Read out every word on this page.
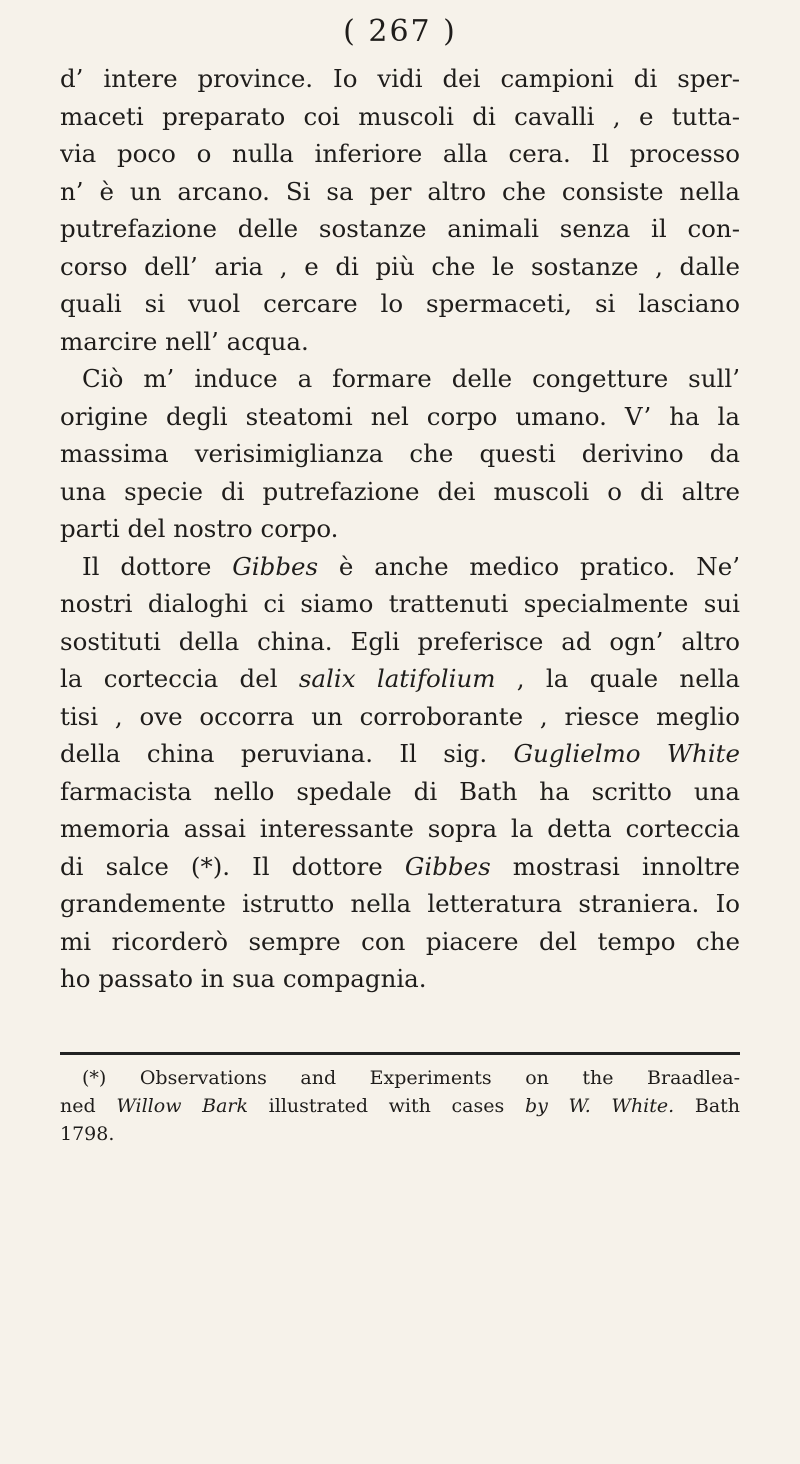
( 267 )
d’ intere province. Io vidi dei campioni di sper-
maceti preparato coi muscoli di cavalli , e tutta-
via poco o nulla inferiore alla cera. Il processo
n’ è un arcano. Si sa per altro che consiste nella
putrefazione delle sostanze animali senza il con-
corso dell’ aria , e di più che le sostanze , dalle
quali si vuol cercare lo spermaceti, si lasciano
marcire nell’ acqua.
Ciò m’ induce a formare delle congetture sull’
origine degli steatomi nel corpo umano. V’ ha la
massima verisimiglianza che questi derivino da
una specie di putrefazione dei muscoli o di altre
parti del nostro corpo.
Il dottore Gibbes è anche medico pratico. Ne’
nostri dialoghi ci siamo trattenuti specialmente sui
sostituti della china. Egli preferisce ad ogn’ altro
la corteccia del salix latifolium , la quale nella
tisi , ove occorra un corroborante , riesce meglio
della china peruviana. Il sig. Guglielmo White
farmacista nello spedale di Bath ha scritto una
memoria assai interessante sopra la detta corteccia
di salce (*). Il dottore Gibbes mostrasi innoltre
grandemente istrutto nella letteratura straniera. Io
mi ricorderò sempre con piacere del tempo che
ho passato in sua compagnia.
(*) Observations and Experiments on the Braadlea-
ned Willow Bark illustrated with cases by W. White. Bath
1798.
